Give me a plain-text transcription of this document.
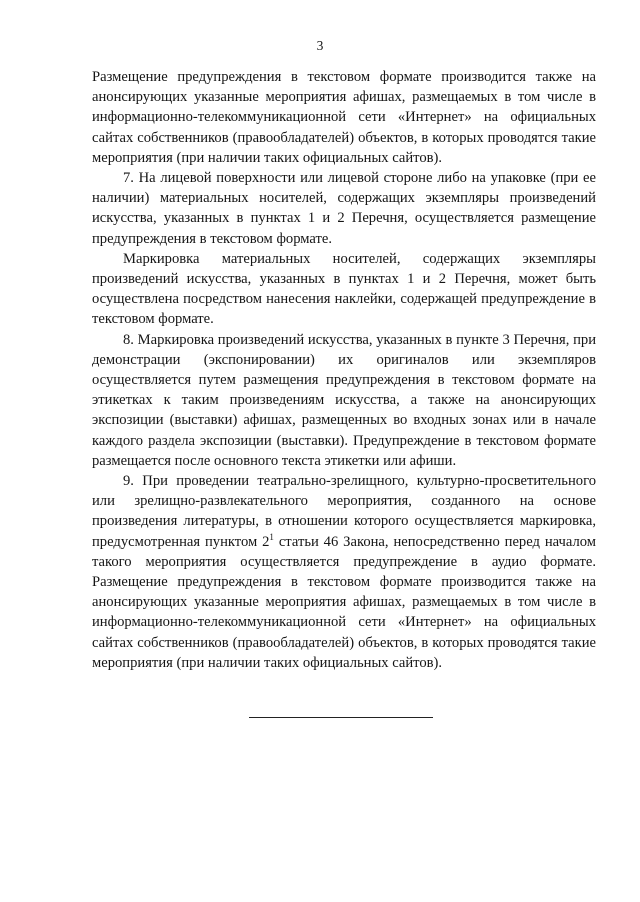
3

Размещение предупреждения в текстовом формате производится также на анонсирующих указанные мероприятия афишах, размещаемых в том числе в информационно-телекоммуникационной сети «Интернет» на официальных сайтах собственников (правообладателей) объектов, в которых проводятся такие мероприятия (при наличии таких официальных сайтов).

7. На лицевой поверхности или лицевой стороне либо на упаковке (при ее наличии) материальных носителей, содержащих экземпляры произведений искусства, указанных в пунктах 1 и 2 Перечня, осуществляется размещение предупреждения в текстовом формате.

Маркировка материальных носителей, содержащих экземпляры произведений искусства, указанных в пунктах 1 и 2 Перечня, может быть осуществлена посредством нанесения наклейки, содержащей предупреждение в текстовом формате.

8. Маркировка произведений искусства, указанных в пункте 3 Перечня, при демонстрации (экспонировании) их оригиналов или экземпляров осуществляется путем размещения предупреждения в текстовом формате на этикетках к таким произведениям искусства, а также на анонсирующих экспозиции (выставки) афишах, размещенных во входных зонах или в начале каждого раздела экспозиции (выставки). Предупреждение в текстовом формате размещается после основного текста этикетки или афиши.

9. При проведении театрально-зрелищного, культурно-просветительного или зрелищно-развлекательного мероприятия, созданного на основе произведения литературы, в отношении которого осуществляется маркировка, предусмотренная пунктом $2^1$ статьи 46 Закона, непосредственно перед началом такого мероприятия осуществляется предупреждение в аудио формате. Размещение предупреждения в текстовом формате производится также на анонсирующих указанные мероприятия афишах, размещаемых в том числе в информационно-телекоммуникационной сети «Интернет» на официальных сайтах собственников (правообладателей) объектов, в которых проводятся такие мероприятия (при наличии таких официальных сайтов).
